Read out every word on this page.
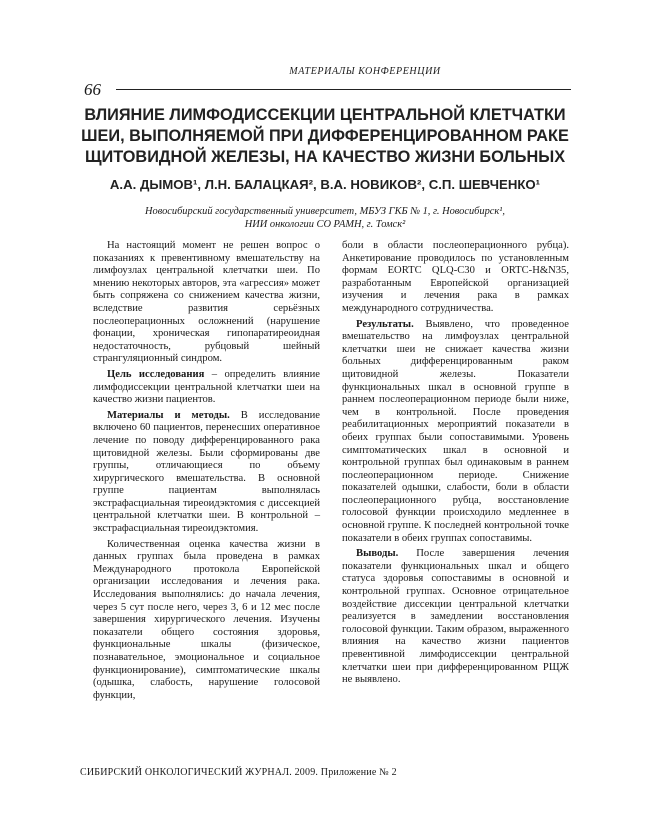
МАТЕРИАЛЫ КОНФЕРЕНЦИИ
66
ВЛИЯНИЕ ЛИМФОДИССЕКЦИИ ЦЕНТРАЛЬНОЙ КЛЕТЧАТКИ ШЕИ, ВЫПОЛНЯЕМОЙ ПРИ ДИФФЕРЕНЦИРОВАННОМ РАКЕ ЩИТОВИДНОЙ ЖЕЛЕЗЫ, НА КАЧЕСТВО ЖИЗНИ БОЛЬНЫХ
А.А. ДЫМОВ¹, Л.Н. БАЛАЦКАЯ², В.А. НОВИКОВ², С.П. ШЕВЧЕНКО¹
Новосибирский государственный университет, МБУЗ ГКБ № 1, г. Новосибирск¹,
НИИ онкологии СО РАМН, г. Томск²

На настоящий момент не решен вопрос о показаниях к превентивному вмешательству на лимфоузлах центральной клетчатки шеи. По мнению некоторых авторов, эта «агрессия» может быть сопряжена со снижением качества жизни, вследствие развития серьёзных послеоперационных осложнений (нарушение фонации, хроническая гипопаратиреоидная недостаточность, рубцовый шейный странгуляционный синдром.

Цель исследования – определить влияние лимфодиссекции центральной клетчатки шеи на качество жизни пациентов.

Материалы и методы. В исследование включено 60 пациентов, перенесших оперативное лечение по поводу дифференцированного рака щитовидной железы. Были сформированы две группы, отличающиеся по объему хирургического вмешательства. В основной группе пациентам выполнялась экстрафасциальная тиреоидэктомия с диссекцией центральной клетчатки шеи. В контрольной – экстрафасциальная тиреоидэктомия.

Количественная оценка качества жизни в данных группах была проведена в рамках Международного протокола Европейской организации исследования и лечения рака. Исследования выполнялись: до начала лечения, через 5 сут после него, через 3, 6 и 12 мес после завершения хирургического лечения. Изучены показатели общего состояния здоровья, функциональные шкалы (физическое, познавательное, эмоциональное и социальное функционирование), симптоматические шкалы (одышка, слабость, нарушение голосовой функции,

боли в области послеоперационного рубца). Анкетирование проводилось по установленным формам EORTC QLQ-C30 и ORTC-H&N35, разработанным Европейской организацией изучения и лечения рака в рамках международного сотрудничества.

Результаты. Выявлено, что проведенное вмешательство на лимфоузлах центральной клетчатки шеи не снижает качества жизни больных дифференцированным раком щитовидной железы. Показатели функциональных шкал в основной группе в раннем послеоперационном периоде были ниже, чем в контрольной. После проведения реабилитационных мероприятий показатели в обеих группах были сопоставимыми. Уровень симптоматических шкал в основной и контрольной группах был одинаковым в раннем послеоперационном периоде. Снижение показателей одышки, слабости, боли в области послеоперационного рубца, восстановление голосовой функции происходило медленнее в основной группе. К последней контрольной точке показатели в обеих группах сопоставимы.

Выводы. После завершения лечения показатели функциональных шкал и общего статуса здоровья сопоставимы в основной и контрольной группах. Основное отрицательное воздействие диссекции центральной клетчатки реализуется в замедлении восстановления голосовой функции. Таким образом, выраженного влияния на качество жизни пациентов превентивной лимфодиссекции центральной клетчатки шеи при дифференцированном РЩЖ не выявлено.

СИБИРСКИЙ ОНКОЛОГИЧЕСКИЙ ЖУРНАЛ. 2009. Приложение № 2
